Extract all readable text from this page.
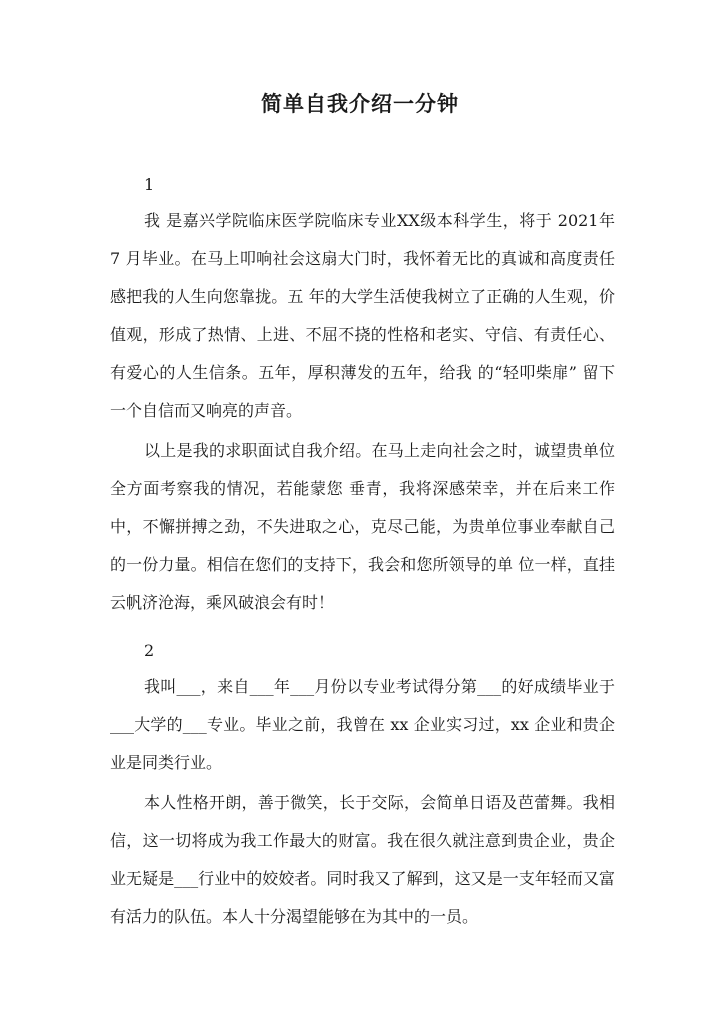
简单自我介绍一分钟
1

我 是嘉兴学院临床医学院临床专业XX级本科学生，将于 2021年 7 月毕业。在马上叩响社会这扇大门时，我怀着无比的真诚和高度责任感把我的人生向您靠拢。五 年的大学生活使我树立了正确的人生观，价值观，形成了热情、上进、不屈不挠的性格和老实、守信、有责任心、有爱心的人生信条。五年，厚积薄发的五年，给我 的“轻叩柴扉” 留下一个自信而又响亮的声音。

以上是我的求职面试自我介绍。在马上走向社会之时，诚望贵单位全方面考察我的情况，若能蒙您 垂青，我将深感荣幸，并在后来工作中，不懈拼搏之劲，不失进取之心，克尽己能，为贵单位事业奉献自己的一份力量。相信在您们的支持下，我会和您所领导的单 位一样，直挂云帆济沧海，乘风破浪会有时！

2

我叫___，来自___年___月份以专业考试得分第___的好成绩毕业于___大学的___专业。毕业之前，我曾在 xx 企业实习过，xx 企业和贵企业是同类行业。

本人性格开朗，善于微笑，长于交际，会简单日语及芭蕾舞。我相信，这一切将成为我工作最大的财富。我在很久就注意到贵企业，贵企业无疑是___行业中的姣姣者。同时我又了解到，这又是一支年轻而又富有活力的队伍。本人十分渴望能够在为其中的一员。
